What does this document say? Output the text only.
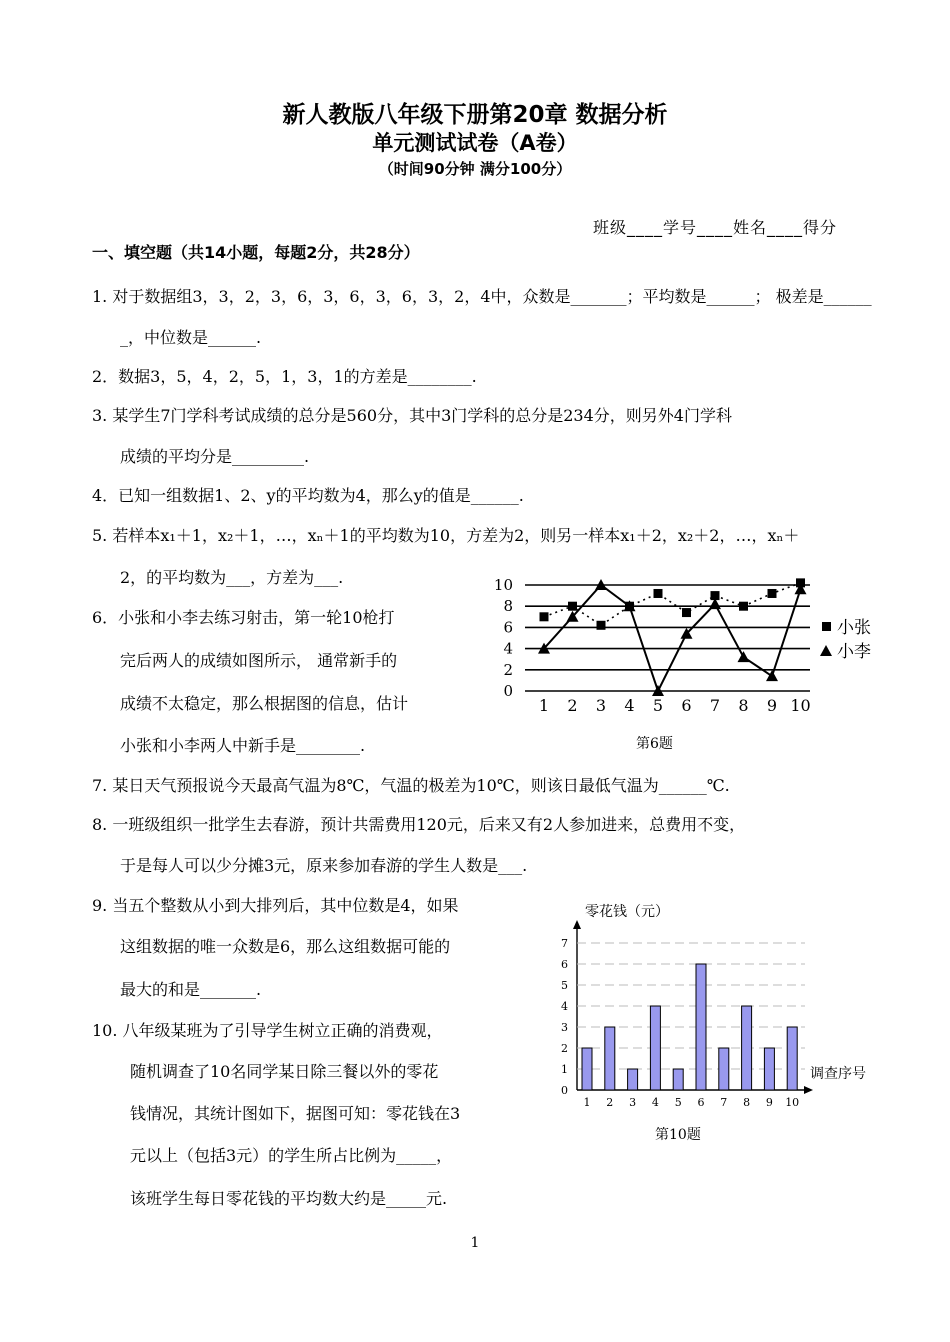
新人教版八年级下册第20章 数据分析
单元测试试卷（A卷）
（时间90分钟 满分100分）
班级____学号____姓名____得分
一、填空题（共14小题，每题2分，共28分）
1. 对于数据组3，3，2，3，6，3，6，3，6，3，2，4中，众数是_______；平均数是______； 极差是______
_，中位数是______.
2．数据3，5，4，2，5，1，3，1的方差是________.
3. 某学生7门学科考试成绩的总分是560分，其中3门学科的总分是234分，则另外4门学科
成绩的平均分是_________.
4．已知一组数据1、2、y的平均数为4，那么y的值是______.
5. 若样本x₁＋1，x₂＋1，…，xₙ＋1的平均数为10，方差为2，则另一样本x₁＋2，x₂＋2，…，xₙ＋
2，的平均数为___，方差为___.
6．小张和小李去练习射击，第一轮10枪打
完后两人的成绩如图所示， 通常新手的
成绩不太稳定，那么根据图的信息，估计
小张和小李两人中新手是________.
0
2
4
6
8
10
1 2 3 4 5 6 7 8 9 10
小张
小李
第6题
7. 某日天气预报说今天最高气温为8℃，气温的极差为10℃，则该日最低气温为______℃.
8. 一班级组织一批学生去春游，预计共需费用120元，后来又有2人参加进来，总费用不变，
于是每人可以少分摊3元，原来参加春游的学生人数是___.
9. 当五个整数从小到大排列后，其中位数是4，如果
这组数据的唯一众数是6，那么这组数据可能的
最大的和是_______.
10. 八年级某班为了引导学生树立正确的消费观，
随机调查了10名同学某日除三餐以外的零花
钱情况，其统计图如下，据图可知：零花钱在3
元以上（包括3元）的学生所占比例为_____，
该班学生每日零花钱的平均数大约是_____元.
0
1
2
3
4
5
6
7
1 2 3 4 5 6 7 8 9 10
零花钱（元）
调查序号
第10题
1
